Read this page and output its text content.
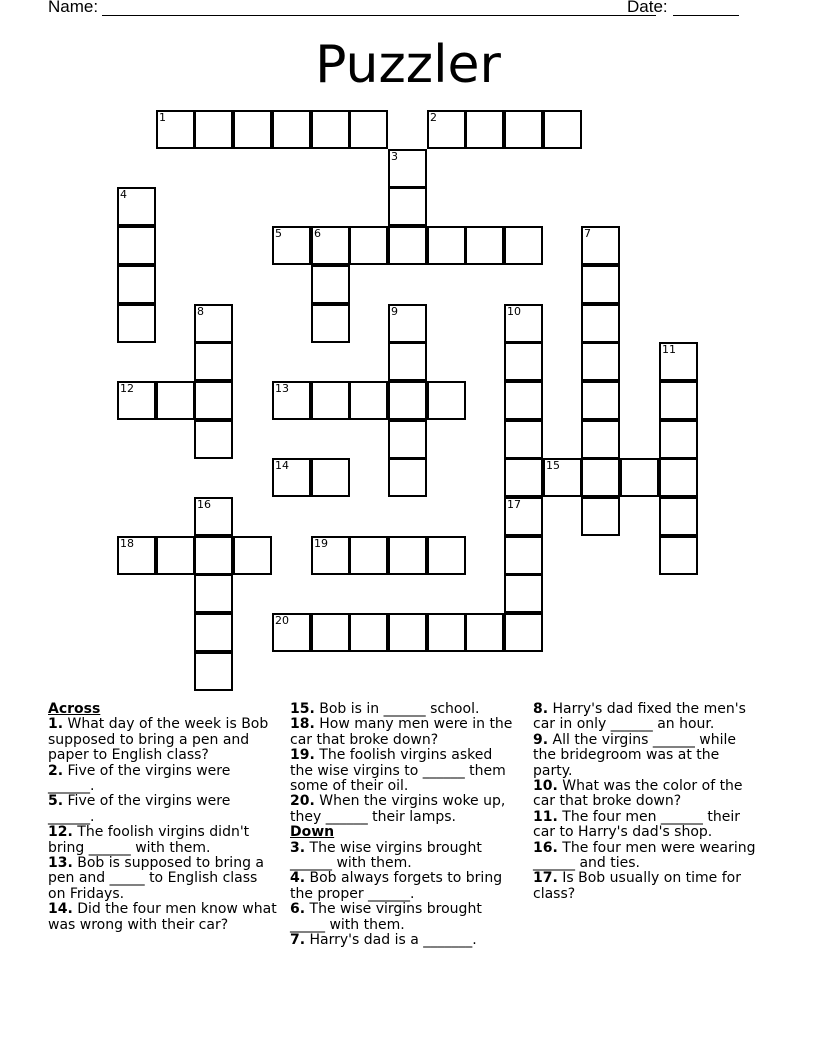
Name:	Date:
Puzzler
1	2
5	6
12	13
14	15
18	19
20
3
4
7
8	9	10
11
16	17
Across
1. What day of the week is Bob supposed to bring a pen and paper to English class?
2. Five of the virgins were ______.
5. Five of the virgins were ______.
12. The foolish virgins didn't bring ______ with them.
13. Bob is supposed to bring a pen and _____ to English class on Fridays.
14. Did the four men know what was wrong with their car?
15. Bob is in ______ school.
18. How many men were in the car that broke down?
19. The foolish virgins asked the wise virgins to ______ them some of their oil.
20. When the virgins woke up, they ______ their lamps.
Down
3. The wise virgins brought ______ with them.
4. Bob always forgets to bring the proper ______.
6. The wise virgins brought _____ with them.
7. Harry's dad is a _______.
8. Harry's dad fixed the men's car in only ______ an hour.
9. All the virgins ______ while the bridegroom was at the party.
10. What was the color of the car that broke down?
11. The four men ______ their car to Harry's dad's shop.
16. The four men were wearing ______ and ties.
17. Is Bob usually on time for class?
